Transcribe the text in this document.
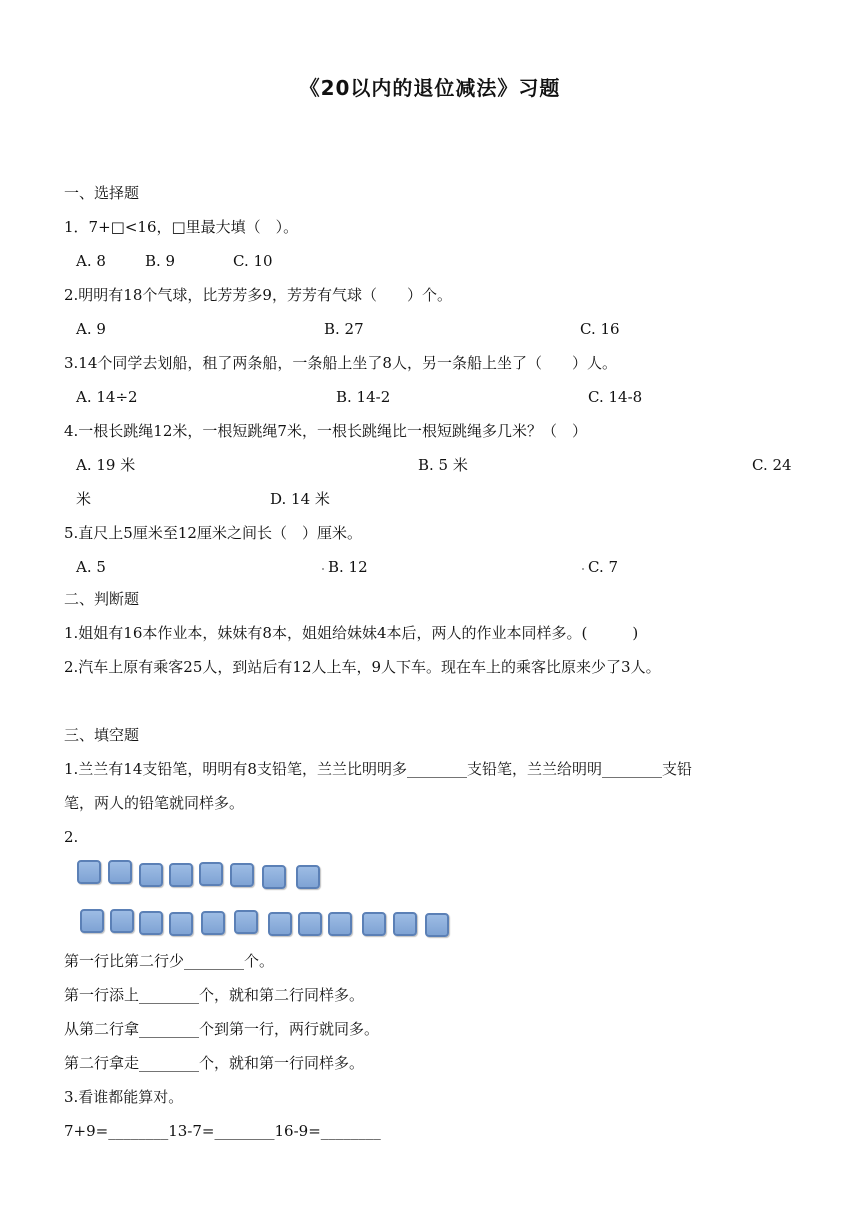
《20以内的退位减法》习题
一、选择题
1．7+□<16，□里最大填（　）。
A. 8	B. 9	C. 10
2.明明有18个气球，比芳芳多9，芳芳有气球（　　）个。
A. 9	B. 27	C. 16
3.14个同学去划船，租了两条船，一条船上坐了8人，另一条船上坐了（　　）人。
A. 14÷2	B. 14-2	C. 14-8
4.一根长跳绳12米，一根短跳绳7米，一根长跳绳比一根短跳绳多几米？（　）
A. 19 米	B. 5 米	C. 24
米	D. 14 米
5.直尺上5厘米至12厘米之间长（　）厘米。
A. 5	B. 12	C. 7
二、判断题
1.姐姐有16本作业本，妹妹有8本，姐姐给妹妹4本后，两人的作业本同样多。(　　　)
2.汽车上原有乘客25人，到站后有12人上车，9人下车。现在车上的乘客比原来少了3人。
三、填空题
1.兰兰有14支铅笔，明明有8支铅笔，兰兰比明明多________支铅笔，兰兰给明明________支铅
笔，两人的铅笔就同样多。
2.
第一行比第二行少________个。
第一行添上________个，就和第二行同样多。
从第二行拿________个到第一行，两行就同多。
第二行拿走________个，就和第一行同样多。
3.看谁都能算对。
7+9=________13-7=________16-9=________
